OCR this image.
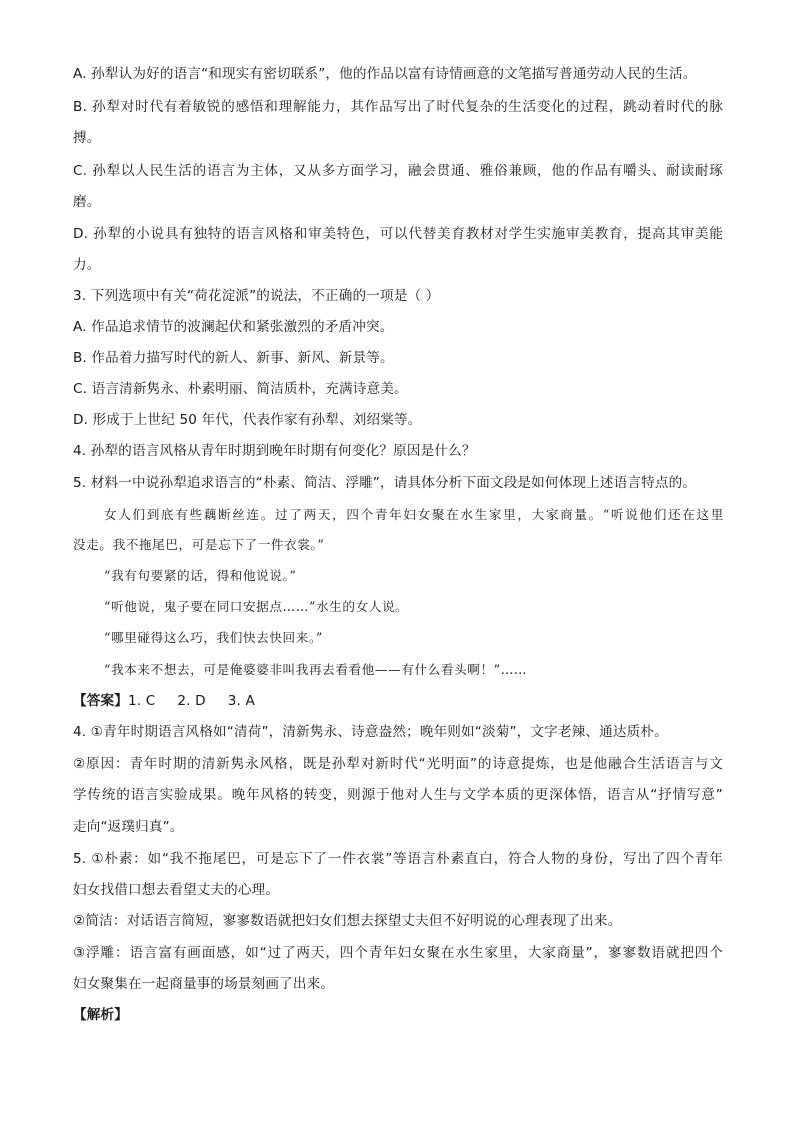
A. 孙犁认为好的语言“和现实有密切联系”，他的作品以富有诗情画意的文笔描写普通劳动人民的生活。
B. 孙犁对时代有着敏锐的感悟和理解能力，其作品写出了时代复杂的生活变化的过程，跳动着时代的脉
搏。
C. 孙犁以人民生活的语言为主体，又从多方面学习，融会贯通、雅俗兼顾，他的作品有嚼头、耐读耐琢
磨。
D. 孙犁的小说具有独特的语言风格和审美特色，可以代替美育教材对学生实施审美教育，提高其审美能
力。
3. 下列选项中有关“荷花淀派”的说法，不正确的一项是（ ）
A. 作品追求情节的波澜起伏和紧张激烈的矛盾冲突。
B. 作品着力描写时代的新人、新事、新风、新景等。
C. 语言清新隽永、朴素明丽、简洁质朴，充满诗意美。
D. 形成于上世纪 50 年代，代表作家有孙犁、刘绍棠等。
4. 孙犁的语言风格从青年时期到晚年时期有何变化？原因是什么？
5. 材料一中说孙犁追求语言的“朴素、简洁、浮雕”，请具体分析下面文段是如何体现上述语言特点的。
女人们到底有些藕断丝连。过了两天，四个青年妇女聚在水生家里，大家商量。“听说他们还在这里
没走。我不拖尾巴，可是忘下了一件衣裳。”
“我有句要紧的话，得和他说说。”
“听他说，鬼子要在同口安据点……”水生的女人说。
“哪里碰得这么巧，我们快去快回来。”
“我本来不想去，可是俺婆婆非叫我再去看看他——有什么看头啊！”……
【答案】1. C 2. D 3. A
4. ①青年时期语言风格如“清荷”，清新隽永、诗意盎然；晚年则如“淡菊”，文字老辣、通达质朴。
②原因：青年时期的清新隽永风格，既是孙犁对新时代“光明面”的诗意提炼，也是他融合生活语言与文
学传统的语言实验成果。晚年风格的转变，则源于他对人生与文学本质的更深体悟，语言从“抒情写意”
走向“返璞归真”。
5. ①朴素：如“我不拖尾巴，可是忘下了一件衣裳”等语言朴素直白，符合人物的身份，写出了四个青年
妇女找借口想去看望丈夫的心理。
②简洁：对话语言简短，寥寥数语就把妇女们想去探望丈夫但不好明说的心理表现了出来。
③浮雕：语言富有画面感，如“过了两天，四个青年妇女聚在水生家里，大家商量”，寥寥数语就把四个
妇女聚集在一起商量事的场景刻画了出来。
【解析】
